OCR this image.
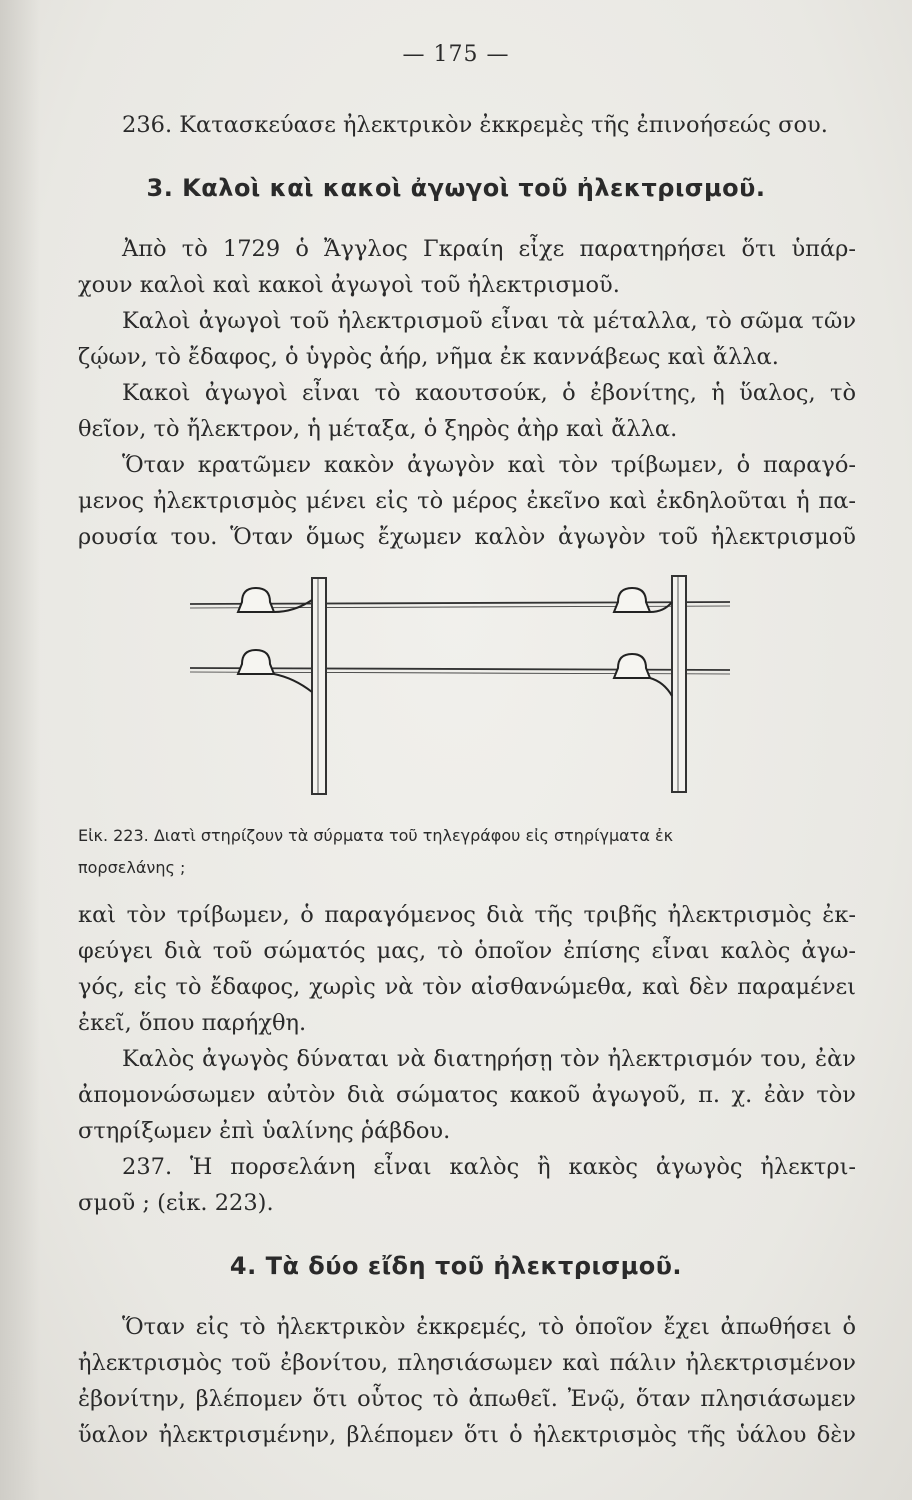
— 175 —
236. Κατασκεύασε ἠλεκτρικὸν ἐκκρεμὲς τῆς ἐπινοήσεώς σου.
3. Καλοὶ καὶ κακοὶ ἀγωγοὶ τοῦ ἠλεκτρισμοῦ.
Ἀπὸ τὸ 1729 ὁ Ἄγγλος Γκραίη εἶχε παρατηρήσει ὅτι ὑπάρ-
χουν καλοὶ καὶ κακοὶ ἀγωγοὶ τοῦ ἠλεκτρισμοῦ.
Καλοὶ ἀγωγοὶ τοῦ ἠλεκτρισμοῦ εἶναι τὰ μέταλλα, τὸ σῶμα τῶν
ζῴων, τὸ ἔδαφος, ὁ ὑγρὸς ἀήρ, νῆμα ἐκ καννάβεως καὶ ἄλλα.
Κακοὶ ἀγωγοὶ εἶναι τὸ καουτσούκ, ὁ ἐβονίτης, ἡ ὕαλος, τὸ
θεῖον, τὸ ἤλεκτρον, ἡ μέταξα, ὁ ξηρὸς ἀὴρ καὶ ἄλλα.
Ὅταν κρατῶμεν κακὸν ἀγωγὸν καὶ τὸν τρίβωμεν, ὁ παραγό-
μενος ἠλεκτρισμὸς μένει εἰς τὸ μέρος ἐκεῖνο καὶ ἐκδηλοῦται ἡ πα-
ρουσία του. Ὅταν ὅμως ἔχωμεν καλὸν ἀγωγὸν τοῦ ἠλεκτρισμοῦ
Εἰκ. 223. Διατὶ στηρίζουν τὰ σύρματα τοῦ τηλεγράφου εἰς στηρίγματα ἐκ
πορσελάνης ;
καὶ τὸν τρίβωμεν, ὁ παραγόμενος διὰ τῆς τριβῆς ἠλεκτρισμὸς ἐκ-
φεύγει διὰ τοῦ σώματός μας, τὸ ὁποῖον ἐπίσης εἶναι καλὸς ἀγω-
γός, εἰς τὸ ἔδαφος, χωρὶς νὰ τὸν αἰσθανώμεθα, καὶ δὲν παραμένει
ἐκεῖ, ὅπου παρήχθη.
Καλὸς ἀγωγὸς δύναται νὰ διατηρήσῃ τὸν ἠλεκτρισμόν του, ἐὰν
ἀπομονώσωμεν αὐτὸν διὰ σώματος κακοῦ ἀγωγοῦ, π. χ. ἐὰν τὸν
στηρίξωμεν ἐπὶ ὑαλίνης ῥάβδου.
237. Ἡ πορσελάνη εἶναι καλὸς ἢ κακὸς ἀγωγὸς ἠλεκτρι-
σμοῦ ; (εἰκ. 223).
4. Τὰ δύο εἴδη τοῦ ἠλεκτρισμοῦ.
Ὅταν εἰς τὸ ἠλεκτρικὸν ἐκκρεμές, τὸ ὁποῖον ἔχει ἀπωθήσει ὁ
ἠλεκτρισμὸς τοῦ ἐβονίτου, πλησιάσωμεν καὶ πάλιν ἠλεκτρισμένον
ἐβονίτην, βλέπομεν ὅτι οὗτος τὸ ἀπωθεῖ. Ἐνῷ, ὅταν πλησιάσωμεν
ὕαλον ἠλεκτρισμένην, βλέπομεν ὅτι ὁ ἠλεκτρισμὸς τῆς ὑάλου δὲν
